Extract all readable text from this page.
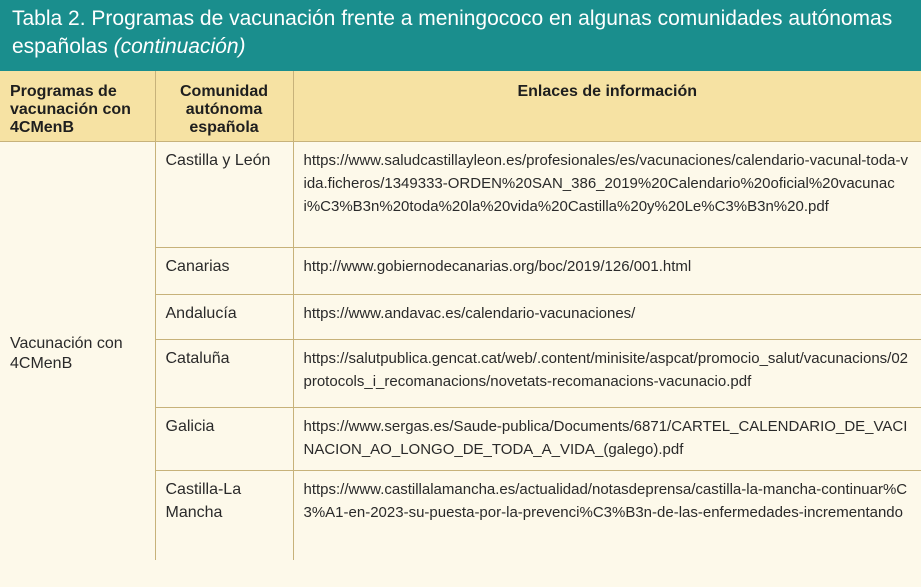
Tabla 2. Programas de vacunación frente a meningococo en algunas comunidades autónomas españolas (continuación)
Programas de vacunación con 4CMenB	Comunidad autónoma española	Enlaces de información
Vacunación con 4CMenB	Castilla y León	https://www.saludcastillayleon.es/profesionales/es/vacunaciones/calendario-vacunal-toda-vida.ficheros/1349333-ORDEN%20SAN_386_2019%20Calendario%20oficial%20vacunaci%C3%B3n%20toda%20la%20vida%20Castilla%20y%20Le%C3%B3n%20.pdf
	Canarias	http://www.gobiernodecanarias.org/boc/2019/126/001.html
	Andalucía	https://www.andavac.es/calendario-vacunaciones/
	Cataluña	https://salutpublica.gencat.cat/web/.content/minisite/aspcat/promocio_salut/vacunacions/02protocols_i_recomanacions/novetats-recomanacions-vacunacio.pdf
	Galicia	https://www.sergas.es/Saude-publica/Documents/6871/CARTEL_CALENDARIO_DE_VACINACION_AO_LONGO_DE_TODA_A_VIDA_(galego).pdf
	Castilla-La Mancha	https://www.castillalamancha.es/actualidad/notasdeprensa/castilla-la-mancha-continuar%C3%A1-en-2023-su-puesta-por-la-prevenci%C3%B3n-de-las-enfermedades-incrementando
